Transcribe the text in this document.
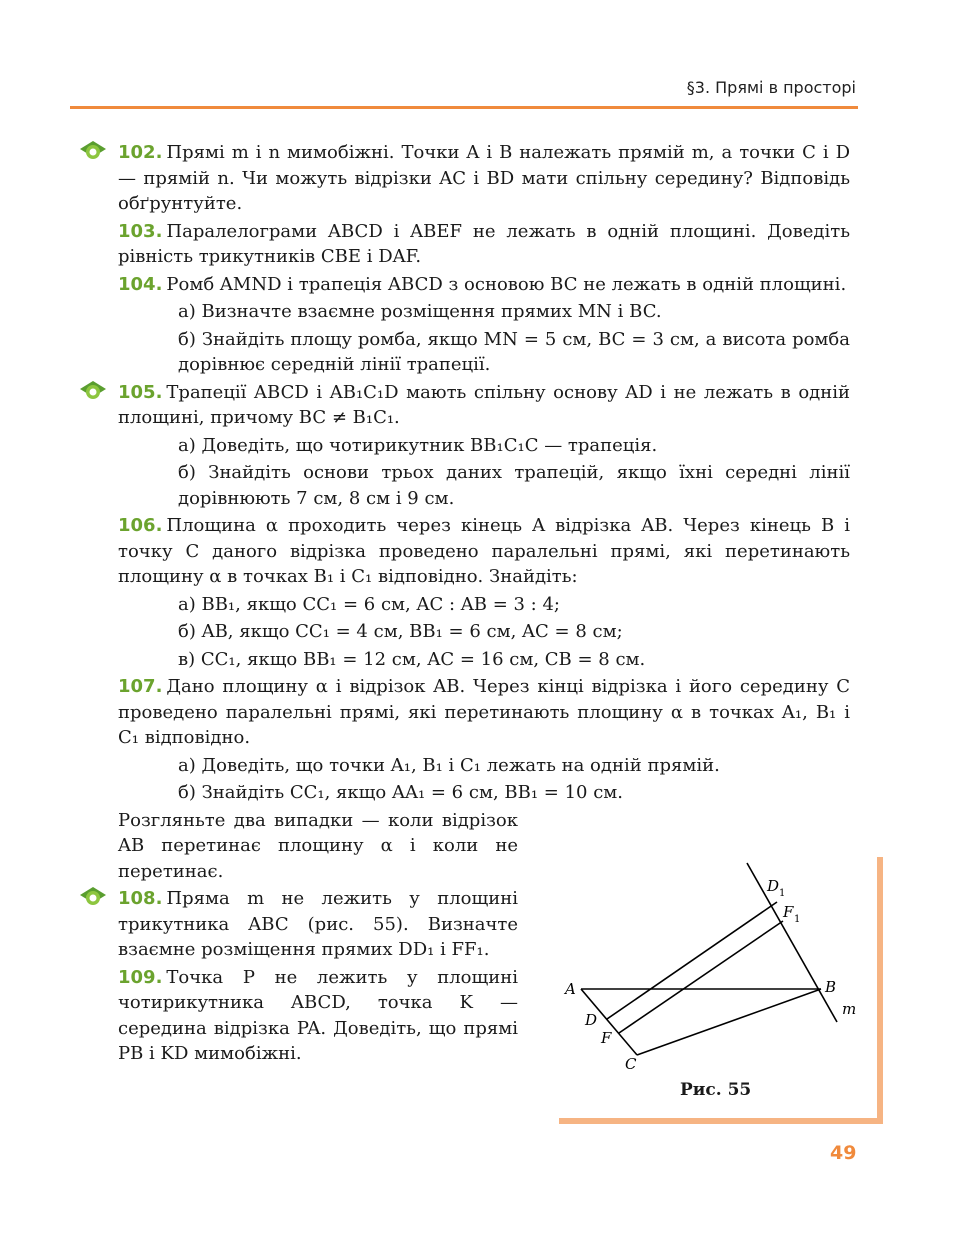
§3. Прямі в просторі

102. Прямі m і n мимобіжні. Точки A і B належать прямій m, а точки C і D — прямій n. Чи можуть відрізки AC і BD мати спільну середину? Відповідь обґрунтуйте.

103. Паралелограми ABCD і ABEF не лежать в одній площині. Доведіть рівність трикутників CBE і DAF.

104. Ромб AMND і трапеція ABCD з основою BC не лежать в одній площині.

а) Визначте взаємне розміщення прямих MN і BC.

б) Знайдіть площу ромба, якщо MN = 5 см, BC = 3 см, а висота ромба дорівнює середній лінії трапеції.

105. Трапеції ABCD і AB₁C₁D мають спільну основу AD і не лежать в одній площині, причому BC ≠ B₁C₁.

а) Доведіть, що чотирикутник BB₁C₁C — трапеція.

б) Знайдіть основи трьох даних трапецій, якщо їхні середні лінії дорівнюють 7 см, 8 см і 9 см.

106. Площина α проходить через кінець A відрізка AB. Через кінець B і точку C даного відрізка проведено паралельні прямі, які перетинають площину α в точках B₁ і C₁ відповідно. Знайдіть:

а) BB₁, якщо CC₁ = 6 см, AC : AB = 3 : 4;

б) AB, якщо CC₁ = 4 см, BB₁ = 6 см, AC = 8 см;

в) CC₁, якщо BB₁ = 12 см, AC = 16 см, CB = 8 см.

107. Дано площину α і відрізок AB. Через кінці відрізка і його середину C проведено паралельні прямі, які перетинають площину α в точках A₁, B₁ і C₁ відповідно.

а) Доведіть, що точки A₁, B₁ і C₁ лежать на одній прямій.

б) Знайдіть CC₁, якщо AA₁ = 6 см, BB₁ = 10 см.

Розгляньте два випадки — коли відрізок AB перетинає площину α і коли не перетинає.

108. Пряма m не лежить у площині трикутника ABC (рис. 55). Визначте взаємне розміщення прямих DD₁ і FF₁.

109. Точка P не лежить у площині чотирикутника ABCD, точка K — середина відрізка PA. Доведіть, що прямі PB і KD мимобіжні.

A	B
C
D
F
D 1
F 1
m
Рис. 55
49
